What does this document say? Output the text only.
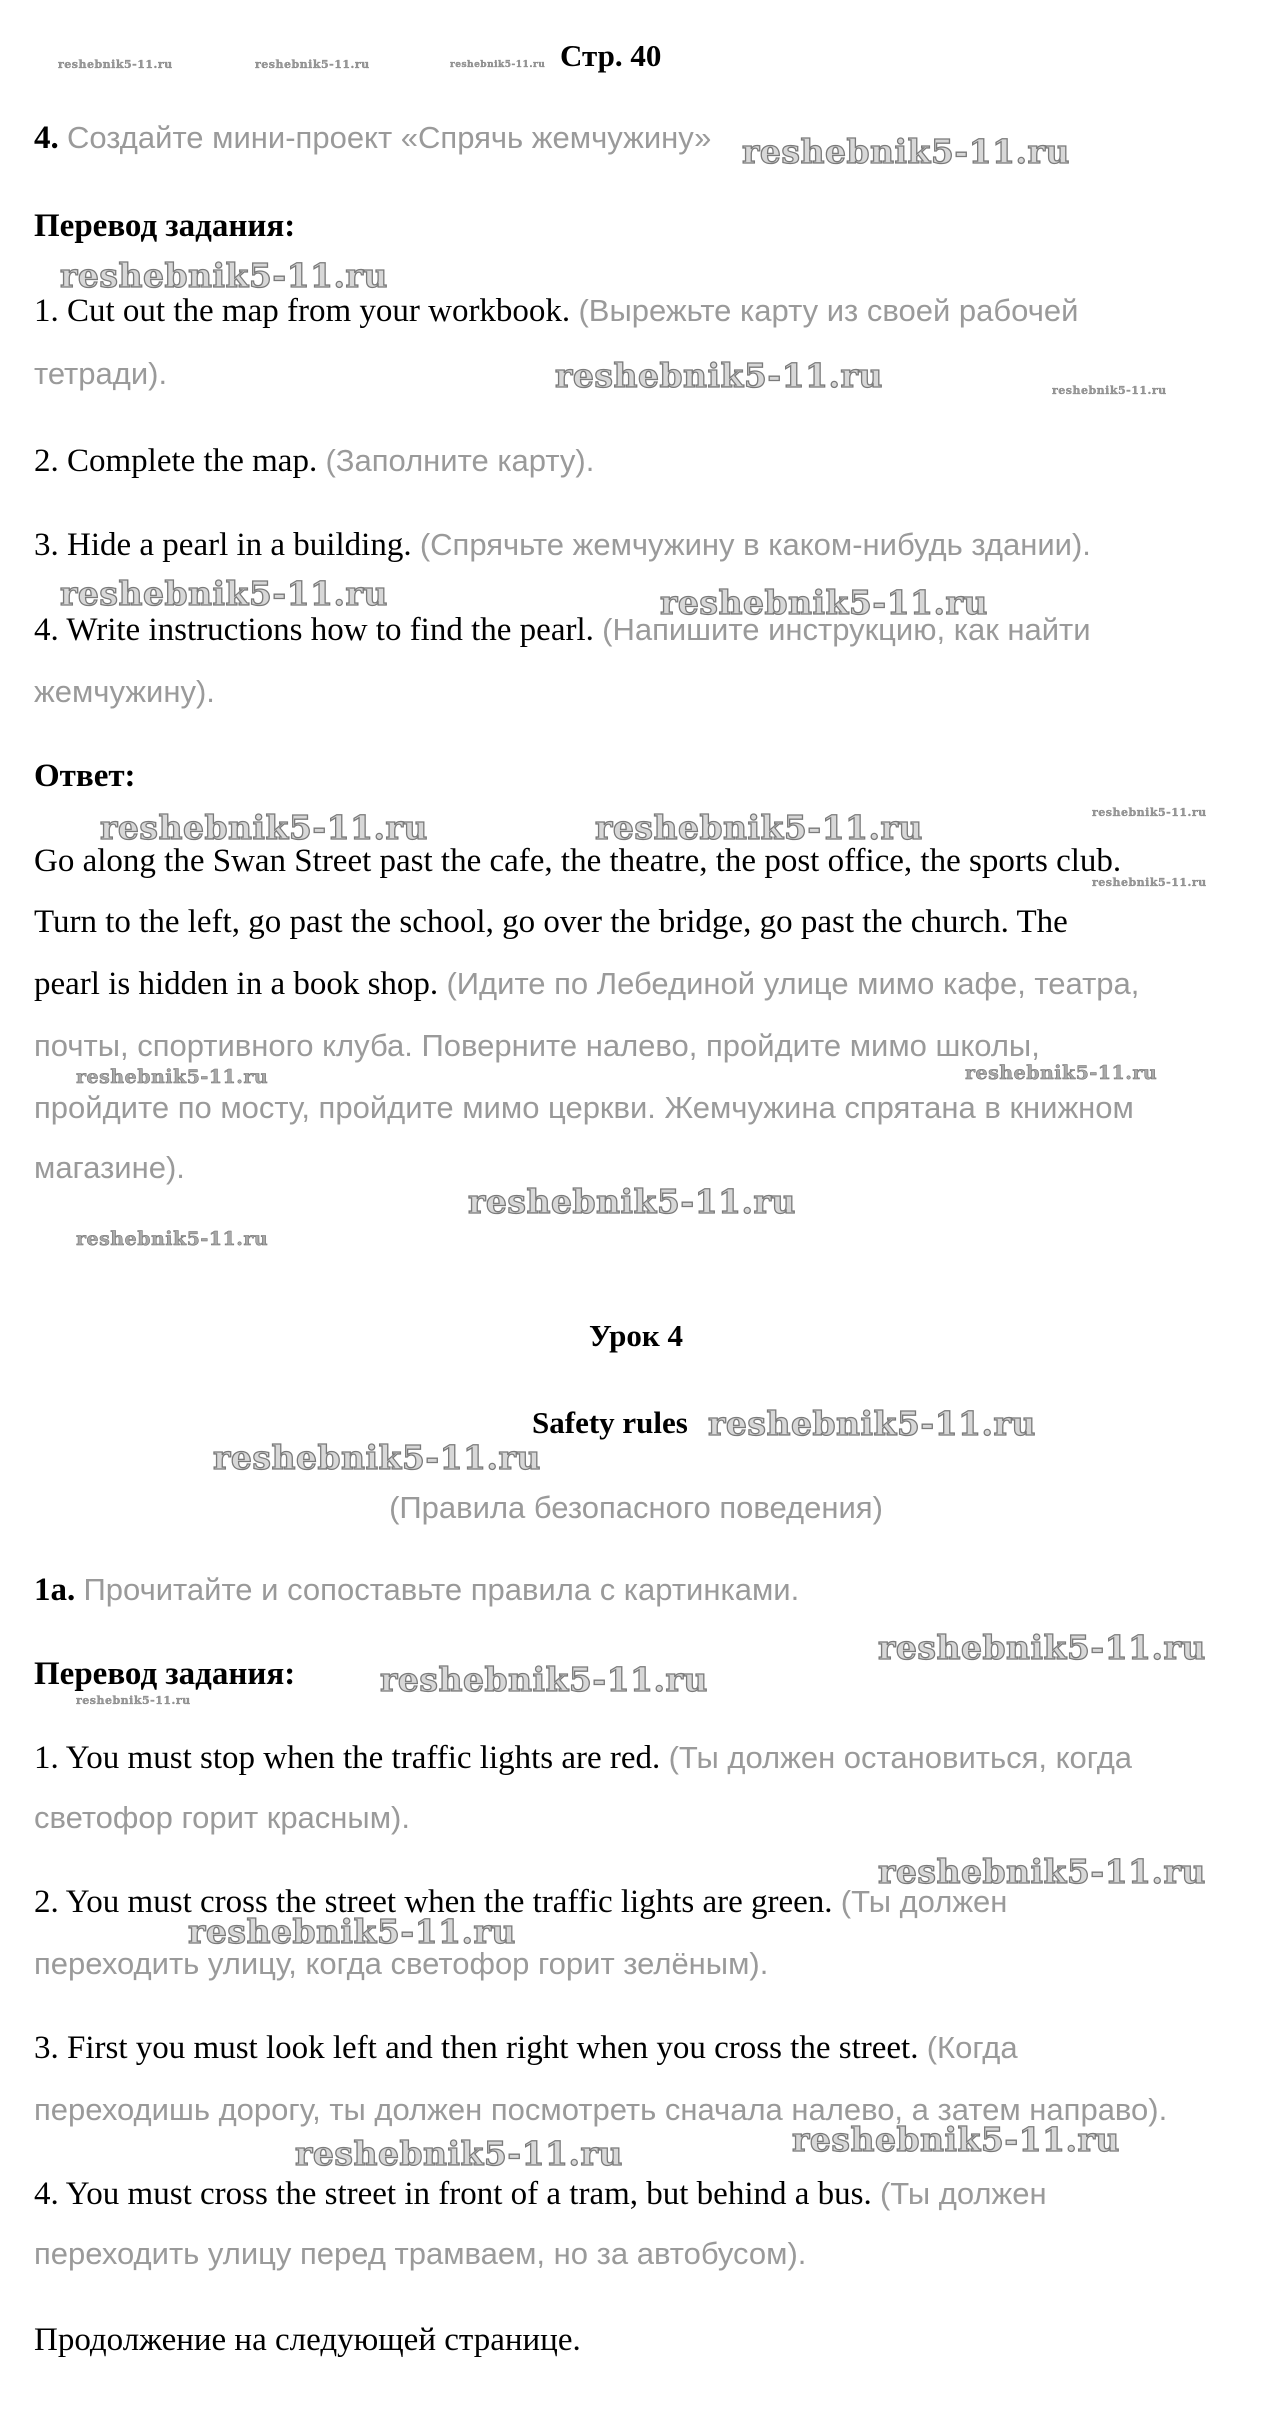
reshebnik5-11.ru	reshebnik5-11.ru	reshebnik5-11.ru Стр. 40
4. Создайте мини-проект «Спрячь жемчужину» reshebnik5-11.ru
Перевод задания:
reshebnik5-11.ru
1. Cut out the map from your workbook. (Вырежьте карту из своей рабочей
тетради).	reshebnik5-11.ru	reshebnik5-11.ru
2. Complete the map. (Заполните карту).
3. Hide a pearl in a building. (Спрячьте жемчужину в каком-нибудь здании).
reshebnik5-11.ru	reshebnik5-11.ru
4. Write instructions how to find the pearl. (Напишите инструкцию, как найти
жемчужину).
Ответ:
reshebnik5-11.ru	reshebnik5-11.ru	reshebnik5-11.ru
Go along the Swan Street past the cafe, the theatre, the post office, the sports club.
reshebnik5-11.ru
Turn to the left, go past the school, go over the bridge, go past the church. The
pearl is hidden in a book shop. (Идите по Лебединой улице мимо кафе, театра,
почты, спортивного клуба. Поверните налево, пройдите мимо школы,
reshebnik5-11.ru	reshebnik5-11.ru
пройдите по мосту, пройдите мимо церкви. Жемчужина спрятана в книжном
магазине).
reshebnik5-11.ru
reshebnik5-11.ru
Урок 4
Safety rules reshebnik5-11.ru
reshebnik5-11.ru
(Правила безопасного поведения)
1a. Прочитайте и сопоставьте правила с картинками.
reshebnik5-11.ru
Перевод задания:	reshebnik5-11.ru
reshebnik5-11.ru
1. You must stop when the traffic lights are red. (Ты должен остановиться, когда
светофор горит красным).
reshebnik5-11.ru
2. You must cross the street when the traffic lights are green. (Ты должен
reshebnik5-11.ru
переходить улицу, когда светофор горит зелёным).
3. First you must look left and then right when you cross the street. (Когда
переходишь дорогу, ты должен посмотреть сначала налево, а затем направо).
reshebnik5-11.ru
reshebnik5-11.ru
4. You must cross the street in front of a tram, but behind a bus. (Ты должен
переходить улицу перед трамваем, но за автобусом).
Продолжение на следующей странице.
